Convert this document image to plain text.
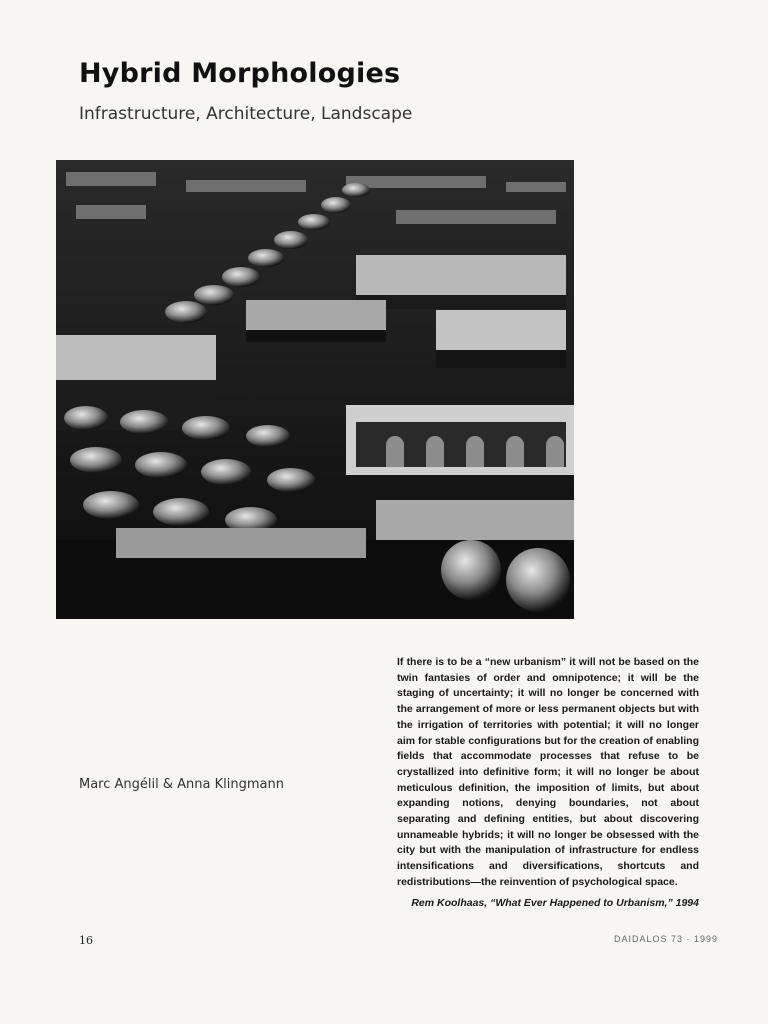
Hybrid Morphologies
Infrastructure, Architecture, Landscape
Marc Angélil & Anna Klingmann
If there is to be a “new urbanism” it will not be based on the twin fantasies of order and omnipotence; it will be the staging of uncertainty; it will no longer be concerned with the arrangement of more or less permanent objects but with the irrigation of territories with potential; it will no longer aim for stable configurations but for the creation of enabling fields that accommodate processes that refuse to be crystallized into definitive form; it will no longer be about meticulous definition, the imposition of limits, but about expanding notions, denying boundaries, not about separating and defining entities, but about discovering unnameable hybrids; it will no longer be obsessed with the city but with the manipulation of infrastructure for endless intensifications and diversifications, shortcuts and redistributions—the reinvention of psychological space.
Rem Koolhaas, “What Ever Happened to Urbanism,” 1994
16	DAIDALOS 73 · 1999
